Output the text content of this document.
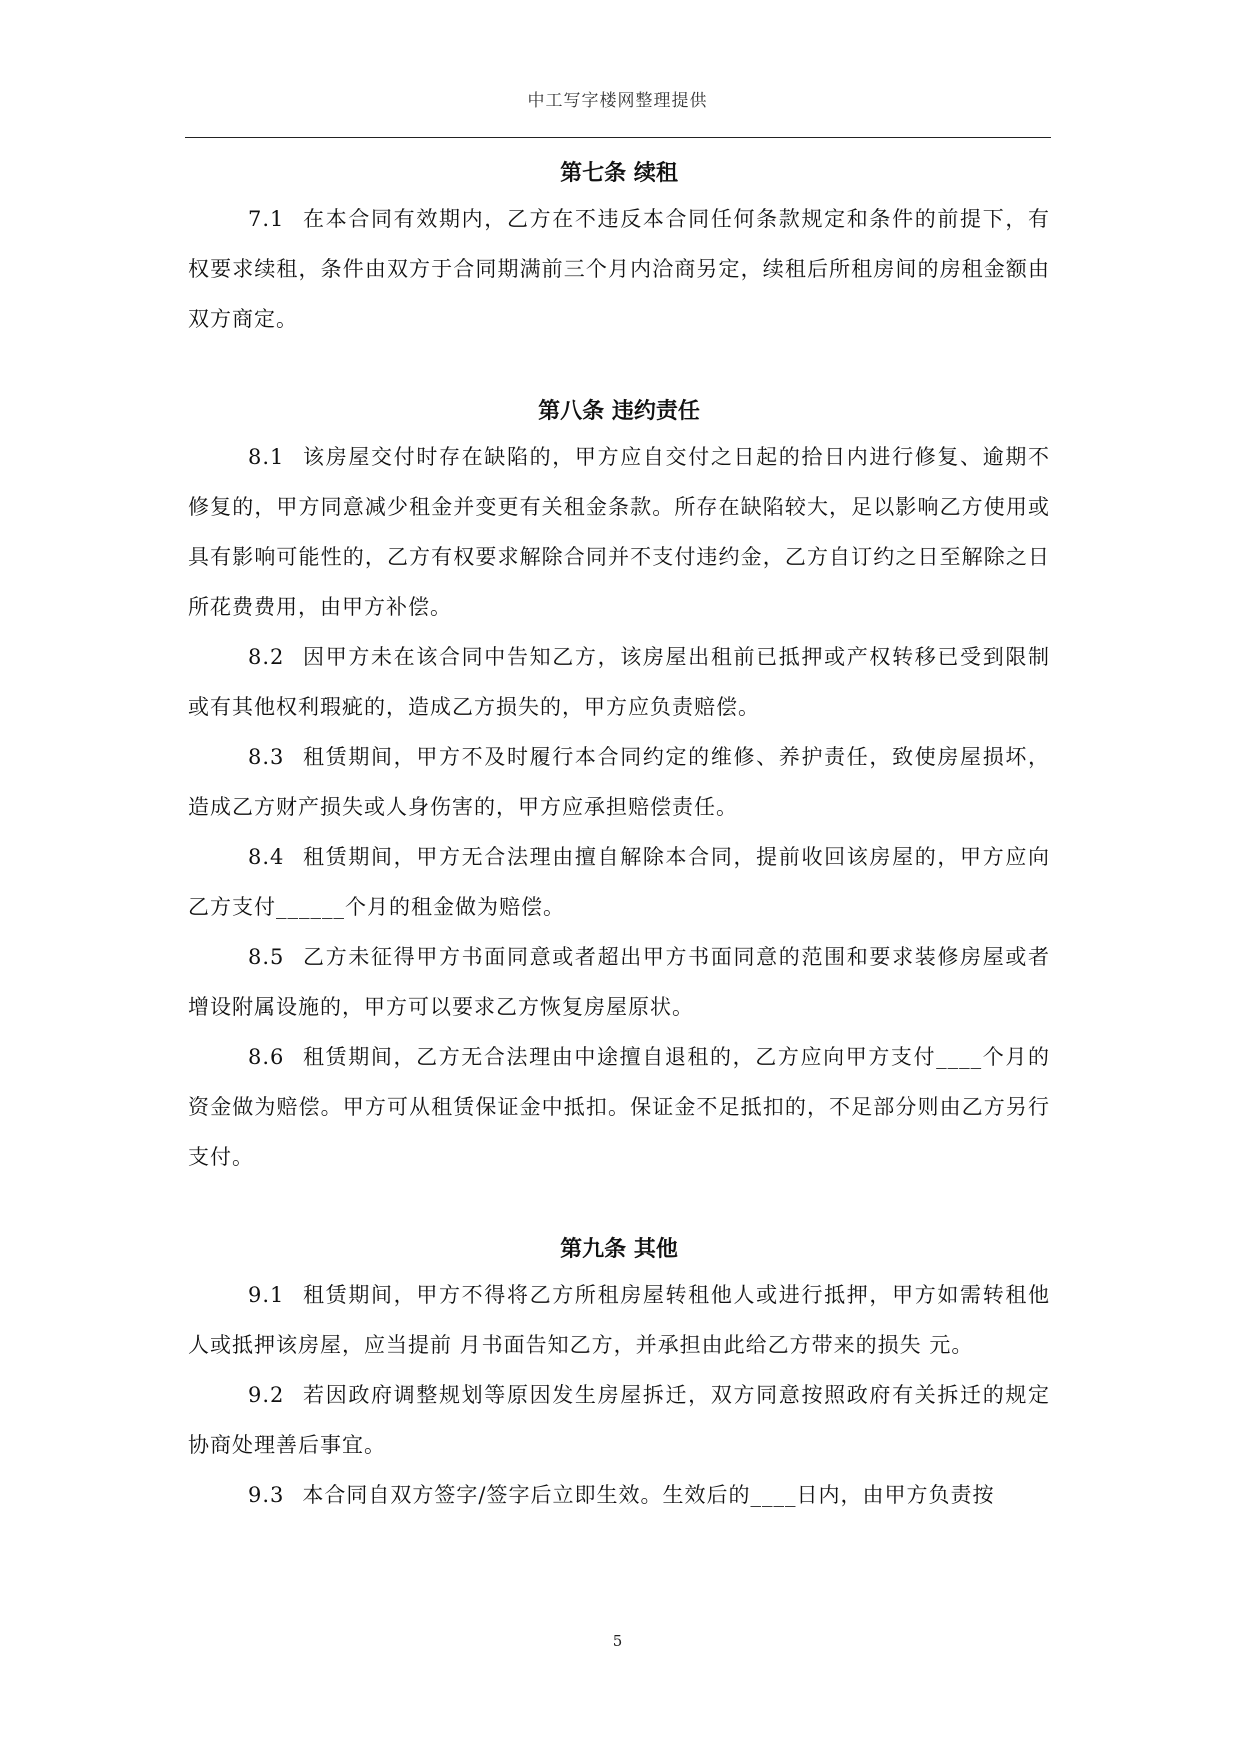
中工写字楼网整理提供
第七条 续租
7.1 在本合同有效期内，乙方在不违反本合同任何条款规定和条件的前提下，有权要求续租，条件由双方于合同期满前三个月内洽商另定，续租后所租房间的房租金额由双方商定。
第八条 违约责任
8.1 该房屋交付时存在缺陷的，甲方应自交付之日起的拾日内进行修复、逾期不修复的，甲方同意减少租金并变更有关租金条款。所存在缺陷较大，足以影响乙方使用或具有影响可能性的，乙方有权要求解除合同并不支付违约金，乙方自订约之日至解除之日所花费费用，由甲方补偿。
8.2 因甲方未在该合同中告知乙方，该房屋出租前已抵押或产权转移已受到限制或有其他权利瑕疵的，造成乙方损失的，甲方应负责赔偿。
8.3 租赁期间，甲方不及时履行本合同约定的维修、养护责任，致使房屋损坏，造成乙方财产损失或人身伤害的，甲方应承担赔偿责任。
8.4 租赁期间，甲方无合法理由擅自解除本合同，提前收回该房屋的，甲方应向乙方支付______个月的租金做为赔偿。
8.5 乙方未征得甲方书面同意或者超出甲方书面同意的范围和要求装修房屋或者增设附属设施的，甲方可以要求乙方恢复房屋原状。
8.6 租赁期间，乙方无合法理由中途擅自退租的，乙方应向甲方支付____个月的资金做为赔偿。甲方可从租赁保证金中抵扣。保证金不足抵扣的，不足部分则由乙方另行支付。
第九条 其他
9.1 租赁期间，甲方不得将乙方所租房屋转租他人或进行抵押，甲方如需转租他人或抵押该房屋，应当提前 月书面告知乙方，并承担由此给乙方带来的损失 元。
9.2 若因政府调整规划等原因发生房屋拆迁，双方同意按照政府有关拆迁的规定协商处理善后事宜。
9.3 本合同自双方签字/签字后立即生效。生效后的____日内，由甲方负责按
5
